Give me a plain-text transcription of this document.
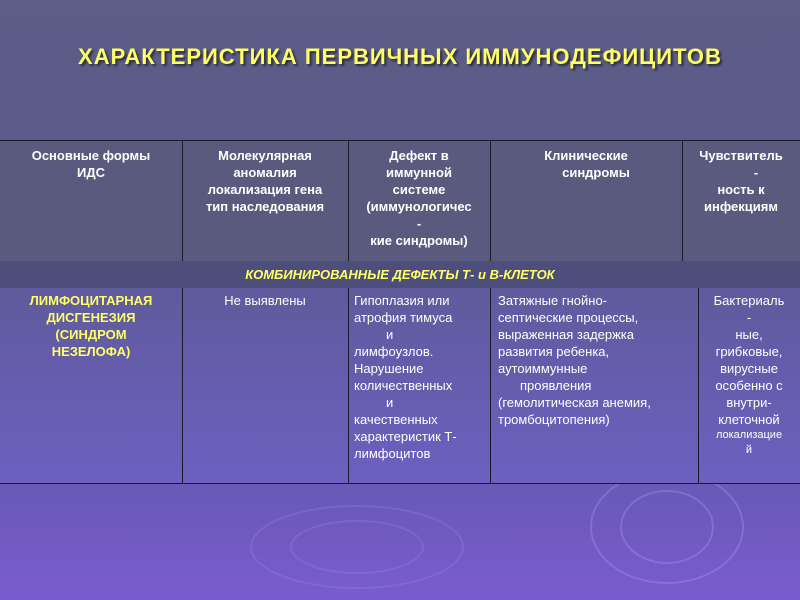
ХАРАКТЕРИСТИКА ПЕРВИЧНЫХ ИММУНОДЕФИЦИТОВ
Основные формы
ИДС
Молекулярная
аномалия
локализация гена
тип наследования
Дефект в
иммунной
системе
(иммунологичес
-
кие синдромы)
Клинические
синдромы
Чувствитель
-
ность к
инфекциям
КОМБИНИРОВАННЫЕ ДЕФЕКТЫ Т- и В-КЛЕТОК
ЛИМФОЦИТАРНАЯ
ДИСГЕНЕЗИЯ
(СИНДРОМ
НЕЗЕЛОФА)
Не выявлены	Гипоплазия или
атрофия тимуса
и
лимфоузлов.
Нарушение
количественных
и
качественных
характеристик Т-
лимфоцитов
Затяжные гнойно-
септические процессы,
выраженная задержка
развития ребенка,
аутоиммунные
проявления
(гемолитическая анемия,
тромбоцитопения)
Бактериаль
-
ные,
грибковые,
вирусные
особенно с
внутри-
клеточной
локализацие
й
